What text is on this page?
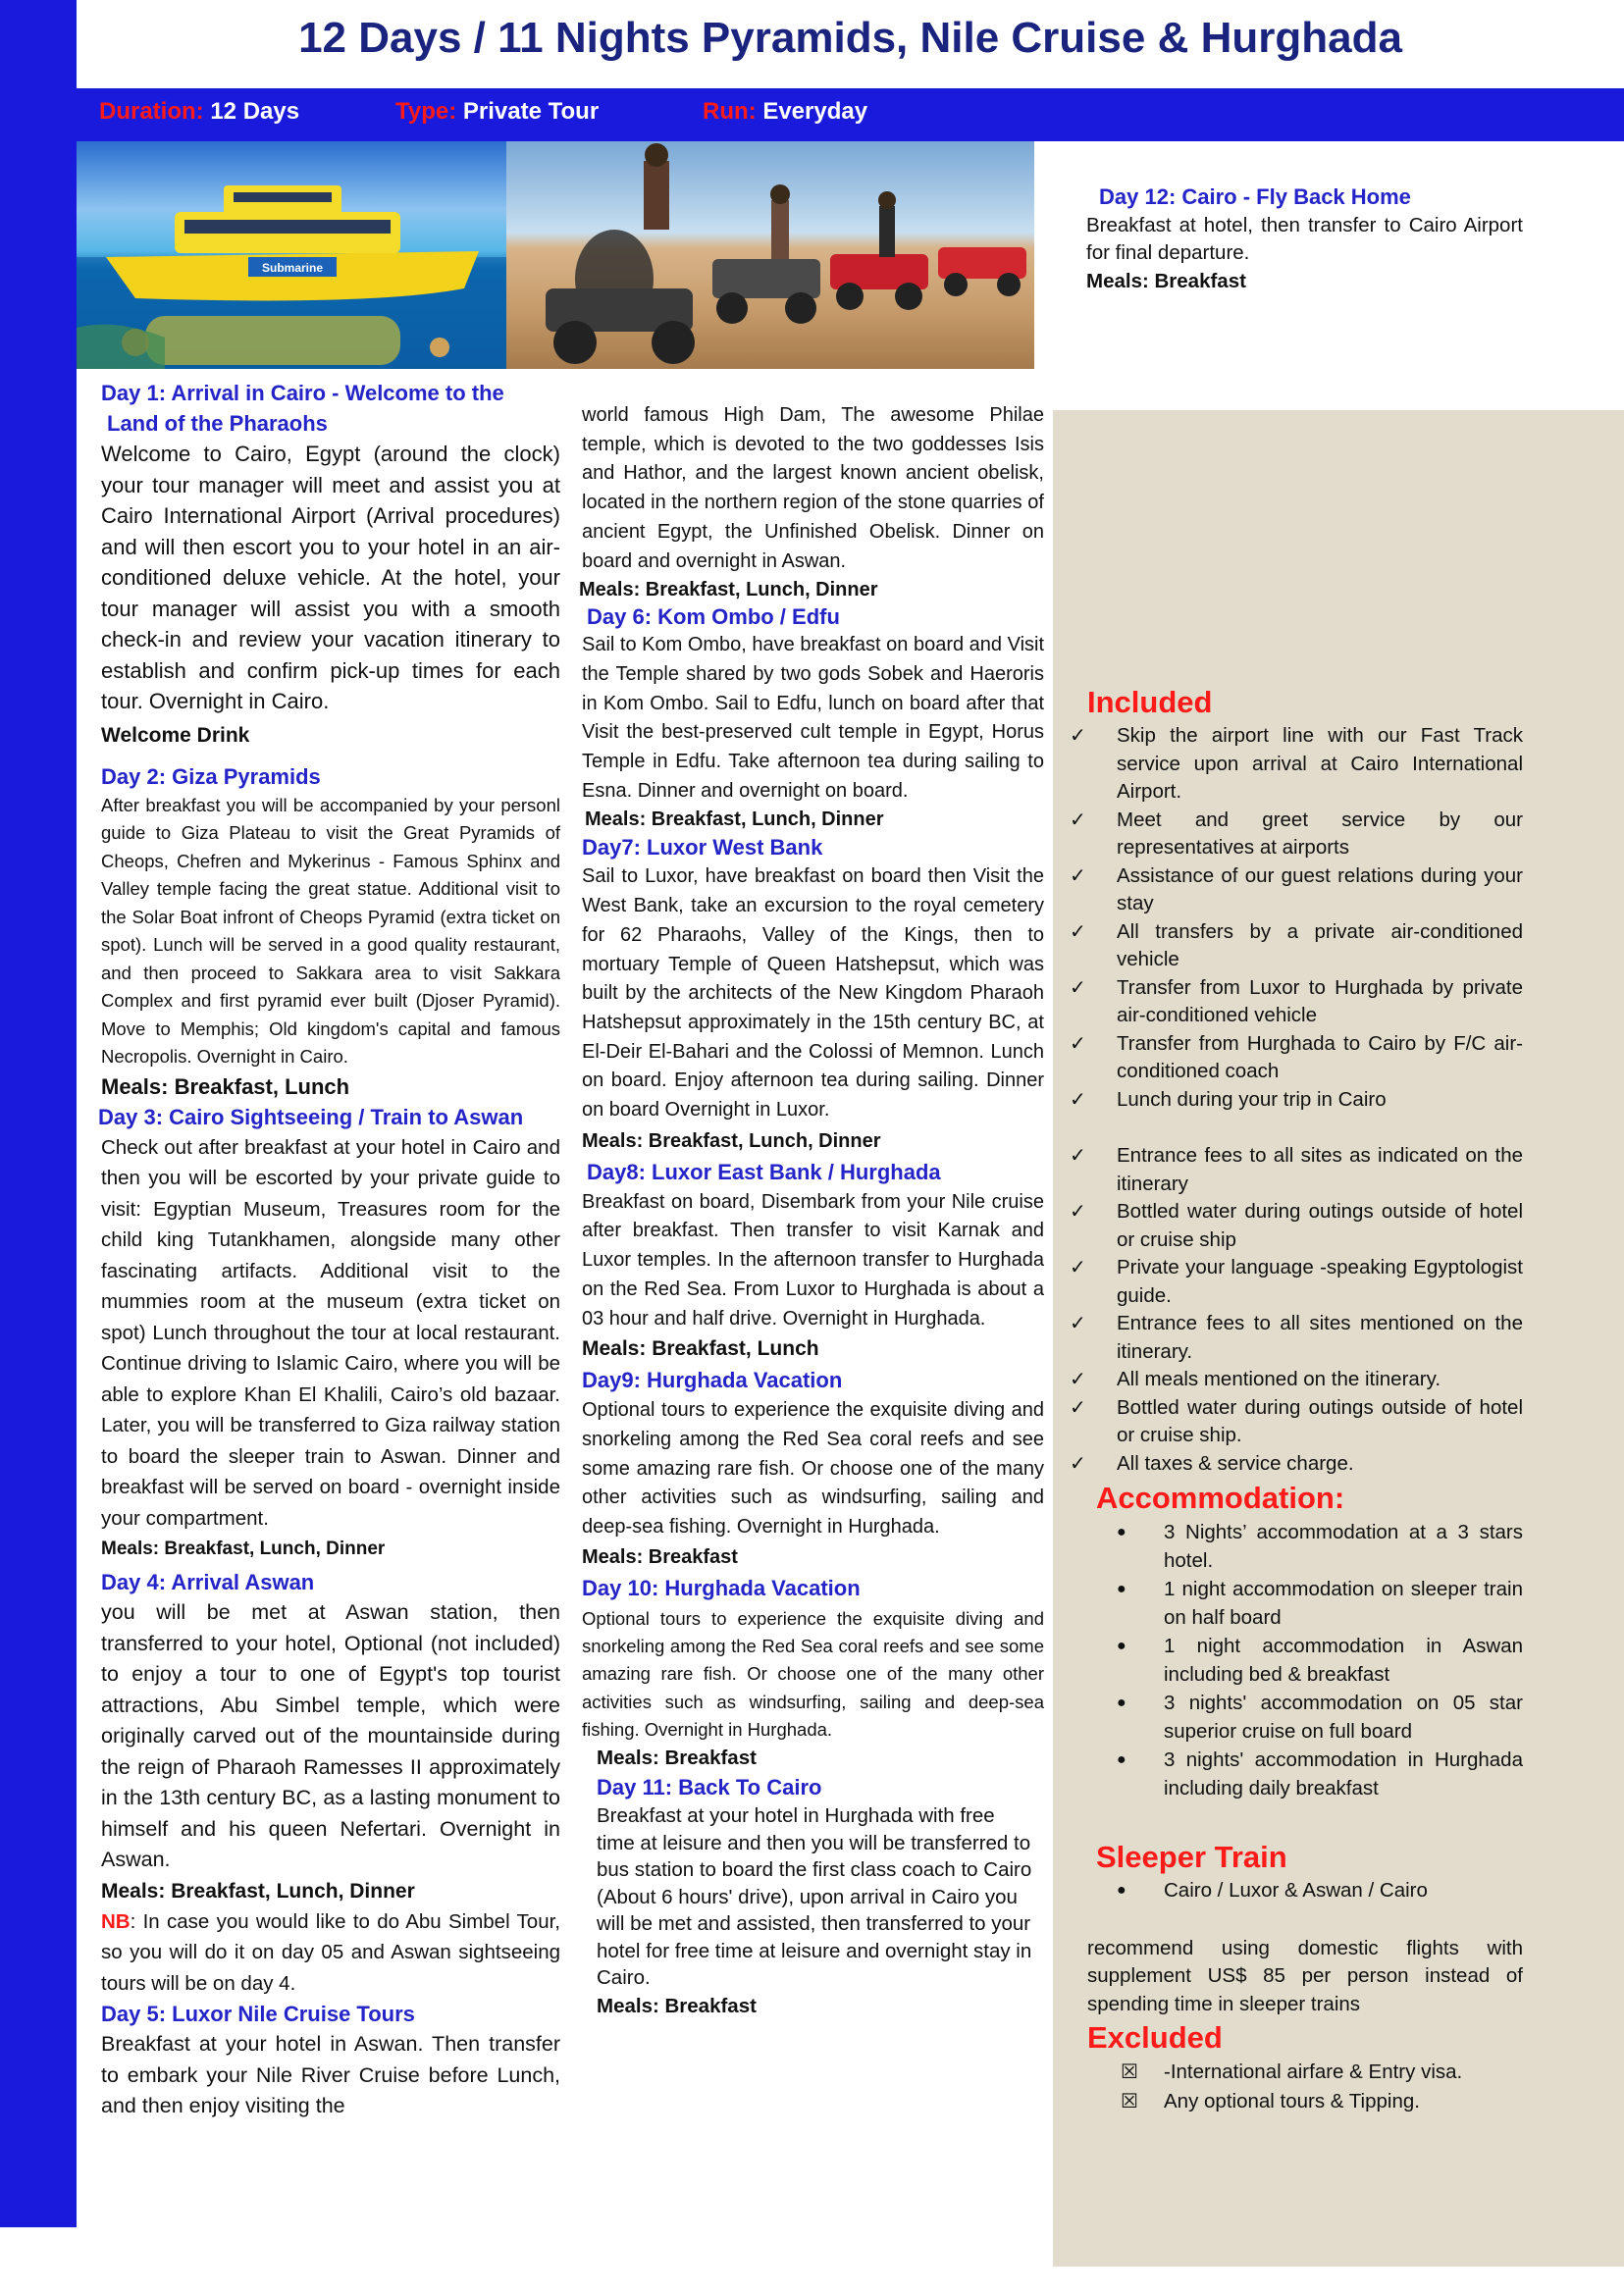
12 Days / 11 Nights Pyramids, Nile Cruise & Hurghada
Duration: 12 Days	Type: Private Tour	Run: Everyday
Submarine

Day 1: Arrival in Cairo - Welcome to the

Land of the Pharaohs

Welcome to Cairo, Egypt (around the clock) your tour manager will meet and assist you at Cairo International Airport (Arrival procedures) and will then escort you to your hotel in an air-conditioned deluxe vehicle. At the hotel, your tour manager will assist you with a smooth check-in and review your vacation itinerary to establish and confirm pick-up times for each tour. Overnight in Cairo.

Welcome Drink

Day 2: Giza Pyramids

After breakfast you will be accompanied by your personl guide to Giza Plateau to visit the Great Pyramids of Cheops, Chefren and Mykerinus - Famous Sphinx and Valley temple facing the great statue. Additional visit to the Solar Boat infront of Cheops Pyramid (extra ticket on spot). Lunch will be served in a good quality restaurant, and then proceed to Sakkara area to visit Sakkara Complex and first pyramid ever built (Djoser Pyramid). Move to Memphis; Old kingdom's capital and famous Necropolis. Overnight in Cairo.

Meals: Breakfast, Lunch

Day 3: Cairo Sightseeing / Train to Aswan

Check out after breakfast at your hotel in Cairo and then you will be escorted by your private guide to visit: Egyptian Museum, Treasures room for the child king Tutankhamen, alongside many other fascinating artifacts. Additional visit to the mummies room at the museum (extra ticket on spot) Lunch throughout the tour at local restaurant. Continue driving to Islamic Cairo, where you will be able to explore Khan El Khalili, Cairo’s old bazaar. Later, you will be transferred to Giza railway station to board the sleeper train to Aswan. Dinner and breakfast will be served on board - overnight inside your compartment.

Meals: Breakfast, Lunch, Dinner

Day 4: Arrival Aswan

you will be met at Aswan station, then transferred to your hotel, Optional (not included) to enjoy a tour to one of Egypt's top tourist attractions, Abu Simbel temple, which were originally carved out of the mountainside during the reign of Pharaoh Ramesses II approximately in the 13th century BC, as a lasting monument to himself and his queen Nefertari. Overnight in Aswan.

Meals: Breakfast, Lunch, Dinner

NB: In case you would like to do Abu Simbel Tour, so you will do it on day 05 and Aswan sightseeing tours will be on day 4.

Day 5: Luxor Nile Cruise Tours

Breakfast at your hotel in Aswan. Then transfer to embark your Nile River Cruise before Lunch, and then enjoy visiting the

world famous High Dam, The awesome Philae temple, which is devoted to the two goddesses Isis and Hathor, and the largest known ancient obelisk, located in the northern region of the stone quarries of ancient Egypt, the Unfinished Obelisk. Dinner on board and overnight in Aswan.

Meals: Breakfast, Lunch, Dinner

Day 6: Kom Ombo / Edfu

Sail to Kom Ombo, have breakfast on board and Visit the Temple shared by two gods Sobek and Haeroris in Kom Ombo. Sail to Edfu, lunch on board after that Visit the best-preserved cult temple in Egypt, Horus Temple in Edfu. Take afternoon tea during sailing to Esna. Dinner and overnight on board.

Meals: Breakfast, Lunch, Dinner

Day7: Luxor West Bank

Sail to Luxor, have breakfast on board then Visit the West Bank, take an excursion to the royal cemetery for 62 Pharaohs, Valley of the Kings, then to mortuary Temple of Queen Hatshepsut, which was built by the architects of the New Kingdom Pharaoh Hatshepsut approximately in the 15th century BC, at El-Deir El-Bahari and the Colossi of Memnon. Lunch on board. Enjoy afternoon tea during sailing. Dinner on board Overnight in Luxor.

Meals: Breakfast, Lunch, Dinner

Day8: Luxor East Bank / Hurghada

Breakfast on board, Disembark from your Nile cruise after breakfast. Then transfer to visit Karnak and Luxor temples. In the afternoon transfer to Hurghada on the Red Sea. From Luxor to Hurghada is about a 03 hour and half drive. Overnight in Hurghada.

Meals: Breakfast, Lunch

Day9: Hurghada Vacation

Optional tours to experience the exquisite diving and snorkeling among the Red Sea coral reefs and see some amazing rare fish. Or choose one of the many other activities such as windsurfing, sailing and deep-sea fishing. Overnight in Hurghada.

Meals: Breakfast

Day 10: Hurghada Vacation

Optional tours to experience the exquisite diving and snorkeling among the Red Sea coral reefs and see some amazing rare fish. Or choose one of the many other activities such as windsurfing, sailing and deep-sea fishing. Overnight in Hurghada.

Meals: Breakfast

Day 11: Back To Cairo

Breakfast at your hotel in Hurghada with free time at leisure and then you will be transferred to bus station to board the first class coach to Cairo (About 6 hours' drive), upon arrival in Cairo you will be met and assisted, then transferred to your hotel for free time at leisure and overnight stay in Cairo.

Meals: Breakfast

Day 12: Cairo - Fly Back Home

Breakfast at hotel, then transfer to Cairo Airport for final departure.

Meals: Breakfast

Included

✓ Skip the airport line with our Fast Track service upon arrival at Cairo International Airport.
✓ Meet and greet service by our representatives at airports
✓ Assistance of our guest relations during your stay
✓ All transfers by a private air-conditioned vehicle
✓ Transfer from Luxor to Hurghada by private air-conditioned vehicle
✓ Transfer from Hurghada to Cairo by F/C air-conditioned coach
✓ Lunch during your trip in Cairo
✓ Entrance fees to all sites as indicated on the itinerary
✓ Bottled water during outings outside of hotel or cruise ship
✓ Private your language -speaking Egyptologist guide.
✓ Entrance fees to all sites mentioned on the itinerary.
✓ All meals mentioned on the itinerary.
✓ Bottled water during outings outside of hotel or cruise ship.
✓ All taxes & service charge.

Accommodation:

● 3 Nights’ accommodation at a 3 stars hotel.
● 1 night accommodation on sleeper train on half board
● 1 night accommodation in Aswan including bed & breakfast
● 3 nights' accommodation on 05 star superior cruise on full board
● 3 nights' accommodation in Hurghada including daily breakfast

Sleeper Train

● Cairo / Luxor & Aswan / Cairo

recommend using domestic flights with supplement US$ 85 per person instead of spending time in sleeper trains

Excluded

☒ -International airfare & Entry visa.
☒ Any optional tours & Tipping.
